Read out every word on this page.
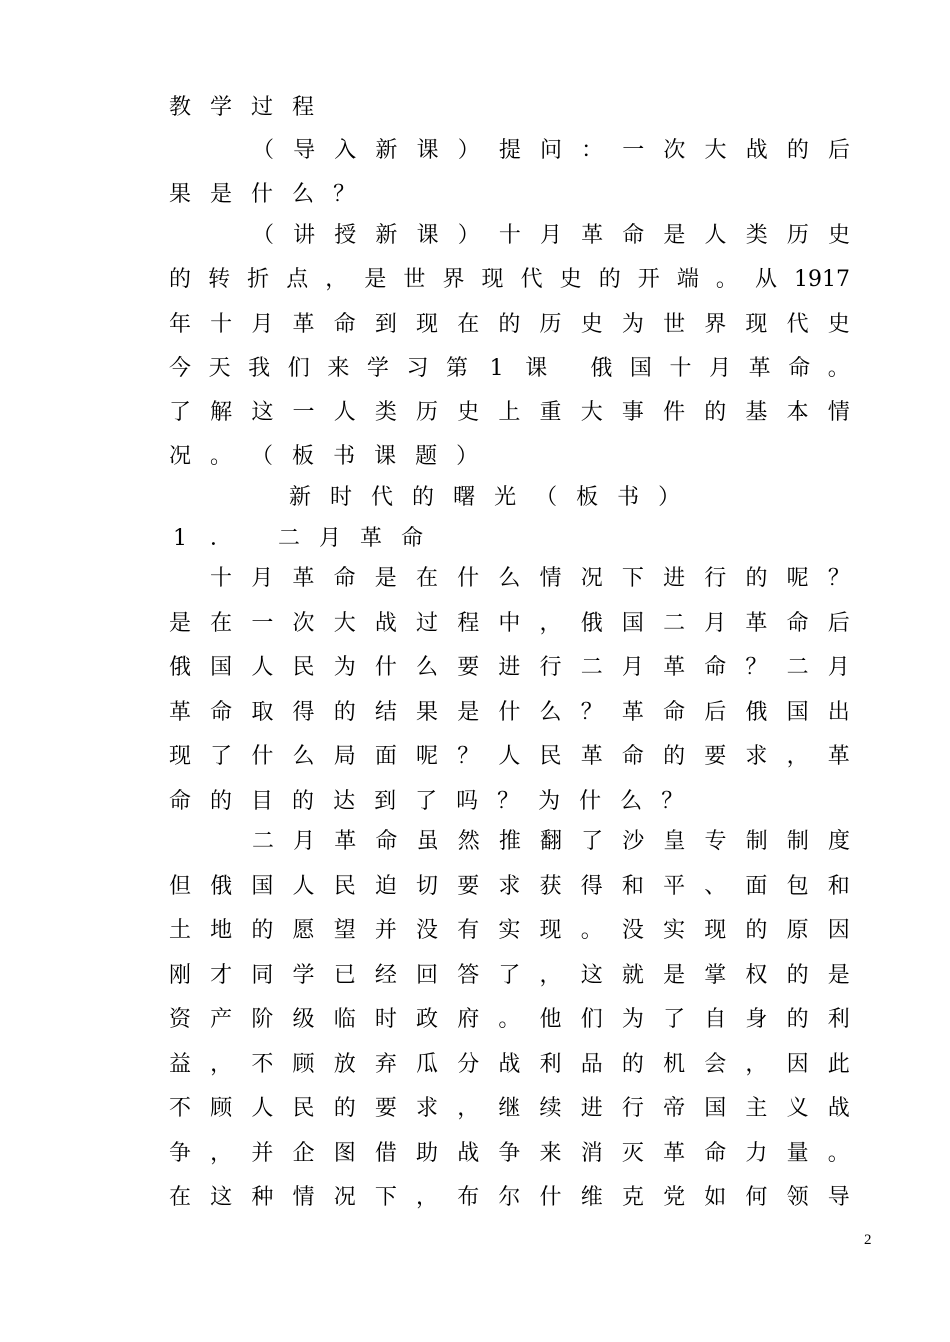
教 学 过 程
（ 导 入 新 课 ） 提 问 ： 一 次 大 战 的 后
果 是 什 么 ？
（ 讲 授 新 课 ） 十 月 革 命 是 人 类 历 史
的 转 折 点 ， 是 世 界 现 代 史 的 开 端 。 从 1917
年 十 月 革 命 到 现 在 的 历 史 为 世 界 现 代 史
今 天 我 们 来 学 习 第 1 课
俄 国 十 月 革 命 。
了 解 这 一 人 类 历 史 上 重 大 事 件 的 基 本 情
况 。 （ 板 书 课 题 ）
新 时 代 的 曙 光 （ 板 书 ）
1 ．
二 月 革 命
十 月 革 命 是 在 什 么 情 况 下 进 行 的 呢 ？
是 在 一 次 大 战 过 程 中 ， 俄 国 二 月 革 命 后
俄 国 人 民 为 什 么 要 进 行 二 月 革 命 ？ 二 月
革 命 取 得 的 结 果 是 什 么 ？ 革 命 后 俄 国 出
现 了 什 么 局 面 呢 ？ 人 民 革 命 的 要 求 ， 革
命 的 目 的 达 到 了 吗 ？ 为 什 么 ？
二 月 革 命 虽 然 推 翻 了 沙 皇 专 制 制 度
但 俄 国 人 民 迫 切 要 求 获 得 和 平 、 面 包 和
土 地 的 愿 望 并 没 有 实 现 。 没 实 现 的 原 因
刚 才 同 学 已 经 回 答 了 ， 这 就 是 掌 权 的 是
资 产 阶 级 临 时 政 府 。 他 们 为 了 自 身 的 利
益 ， 不 顾 放 弃 瓜 分 战 利 品 的 机 会 ， 因 此
不 顾 人 民 的 要 求 ， 继 续 进 行 帝 国 主 义 战
争 ， 并 企 图 借 助 战 争 来 消 灭 革 命 力 量 。
在 这 种 情 况 下 ， 布 尔 什 维 克 党 如 何 领 导
2
